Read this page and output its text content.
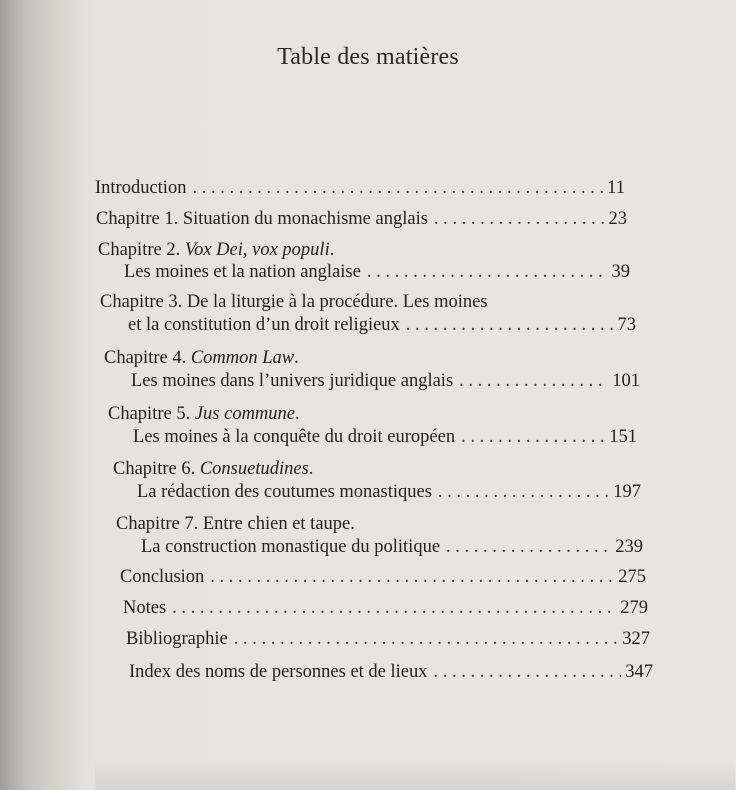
Table des matières
Introduction . . .	11
Chapitre 1. Situation du monachisme anglais . . .	23
Chapitre 2. Vox Dei, vox populi.
Les moines et la nation anglaise . . .	39
Chapitre 3. De la liturgie à la procédure. Les moines
et la constitution d’un droit religieux . . .	73
Chapitre 4. Common Law.
Les moines dans l’univers juridique anglais . . .	101
Chapitre 5. Jus commune.
Les moines à la conquête du droit européen . . .	151
Chapitre 6. Consuetudines.
La rédaction des coutumes monastiques . . .	197
Chapitre 7. Entre chien et taupe.
La construction monastique du politique . . .	239
Conclusion . . .	275
Notes . . .	279
Bibliographie . . .	327
Index des noms de personnes et de lieux . . .	347
